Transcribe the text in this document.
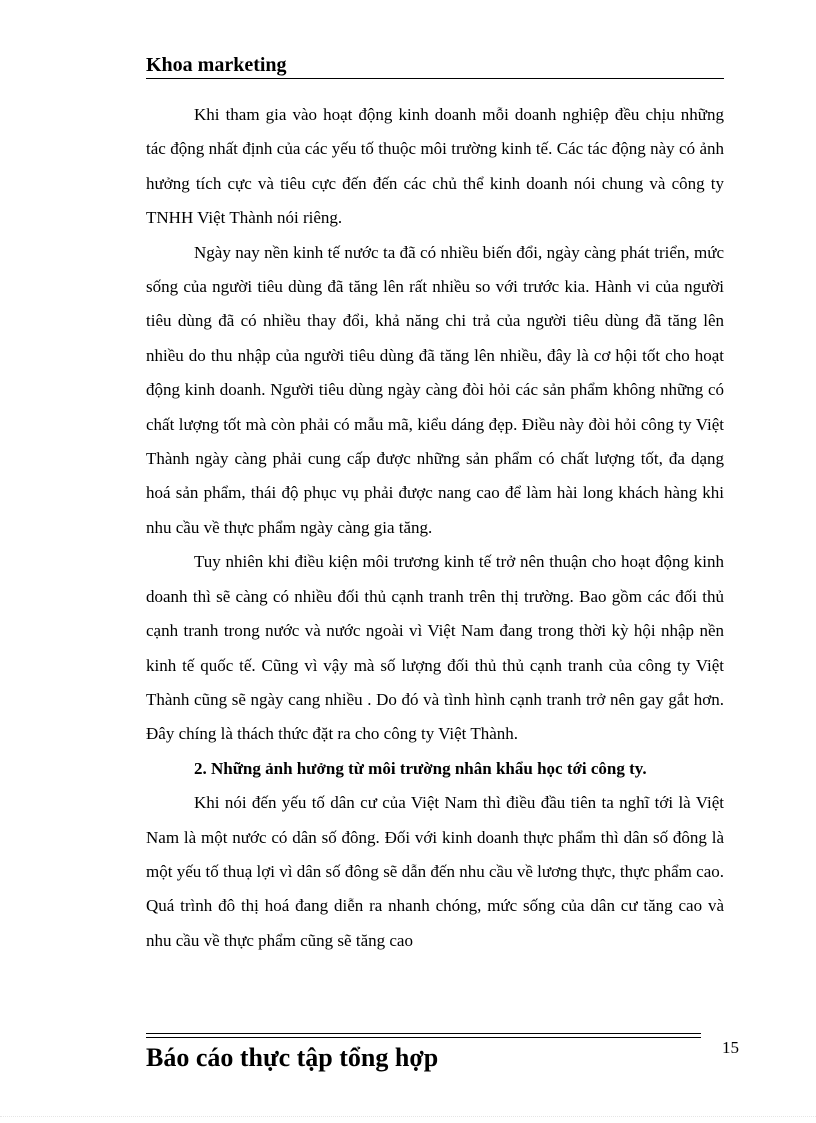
Khoa marketing

Khi tham gia vào hoạt động kinh doanh mỗi doanh nghiệp đều chịu những tác động nhất định của các yếu tố thuộc môi trường kinh tế. Các tác động này có ảnh hưởng tích cực và tiêu cực đến đến các chủ thể kinh doanh nói chung và công ty TNHH Việt Thành nói riêng.

Ngày nay nền kinh tế nước ta đã có nhiều biến đổi, ngày càng phát triển, mức sống của người tiêu dùng đã tăng lên rất nhiều so với trước kia. Hành vi của người tiêu dùng đã có nhiều thay đổi, khả năng chi trả của người tiêu dùng đã tăng lên nhiều do thu nhập của người tiêu dùng đã tăng lên nhiều, đây là cơ hội tốt cho hoạt động kinh doanh. Người tiêu dùng ngày càng đòi hỏi các sản phẩm không những có chất lượng tốt mà còn phải có mẫu mã, kiểu dáng đẹp. Điều này đòi hỏi công ty Việt Thành ngày càng phải cung cấp được những sản phẩm có chất lượng tốt, đa dạng hoá sản phẩm, thái độ phục vụ phải được nang cao để làm hài long khách hàng khi nhu cầu về thực phẩm ngày càng gia tăng.

Tuy nhiên khi điều kiện môi trương kinh tế trở nên thuận cho hoạt động kinh doanh thì sẽ càng có nhiều đối thủ cạnh tranh trên thị trường. Bao gồm các đối thủ cạnh tranh trong nước và nước ngoài vì Việt Nam đang trong thời kỳ hội nhập nền kinh tế quốc tế. Cũng vì vậy mà số lượng đối thủ thủ cạnh tranh của công ty Việt Thành cũng sẽ ngày cang nhiều . Do đó và tình hình cạnh tranh trở nên gay gắt hơn. Đây chíng là thách thức đặt ra cho công ty Việt Thành.

2. Những ảnh hưởng từ môi trường nhân khẩu học tới công ty.

Khi nói đến yếu tố dân cư của Việt Nam thì điều đầu tiên ta nghĩ tới là Việt Nam là một nước có dân số đông. Đối với kinh doanh thực phẩm thì dân số đông là một yếu tố thuạ lợi vì dân số đông sẽ dẫn đến nhu cầu về lương thực, thực phẩm cao. Quá trình đô thị hoá đang diễn ra nhanh chóng, mức sống của dân cư tăng cao và nhu cầu về thực phẩm cũng sẽ tăng cao

Báo cáo thực tập tổng hợp	15
